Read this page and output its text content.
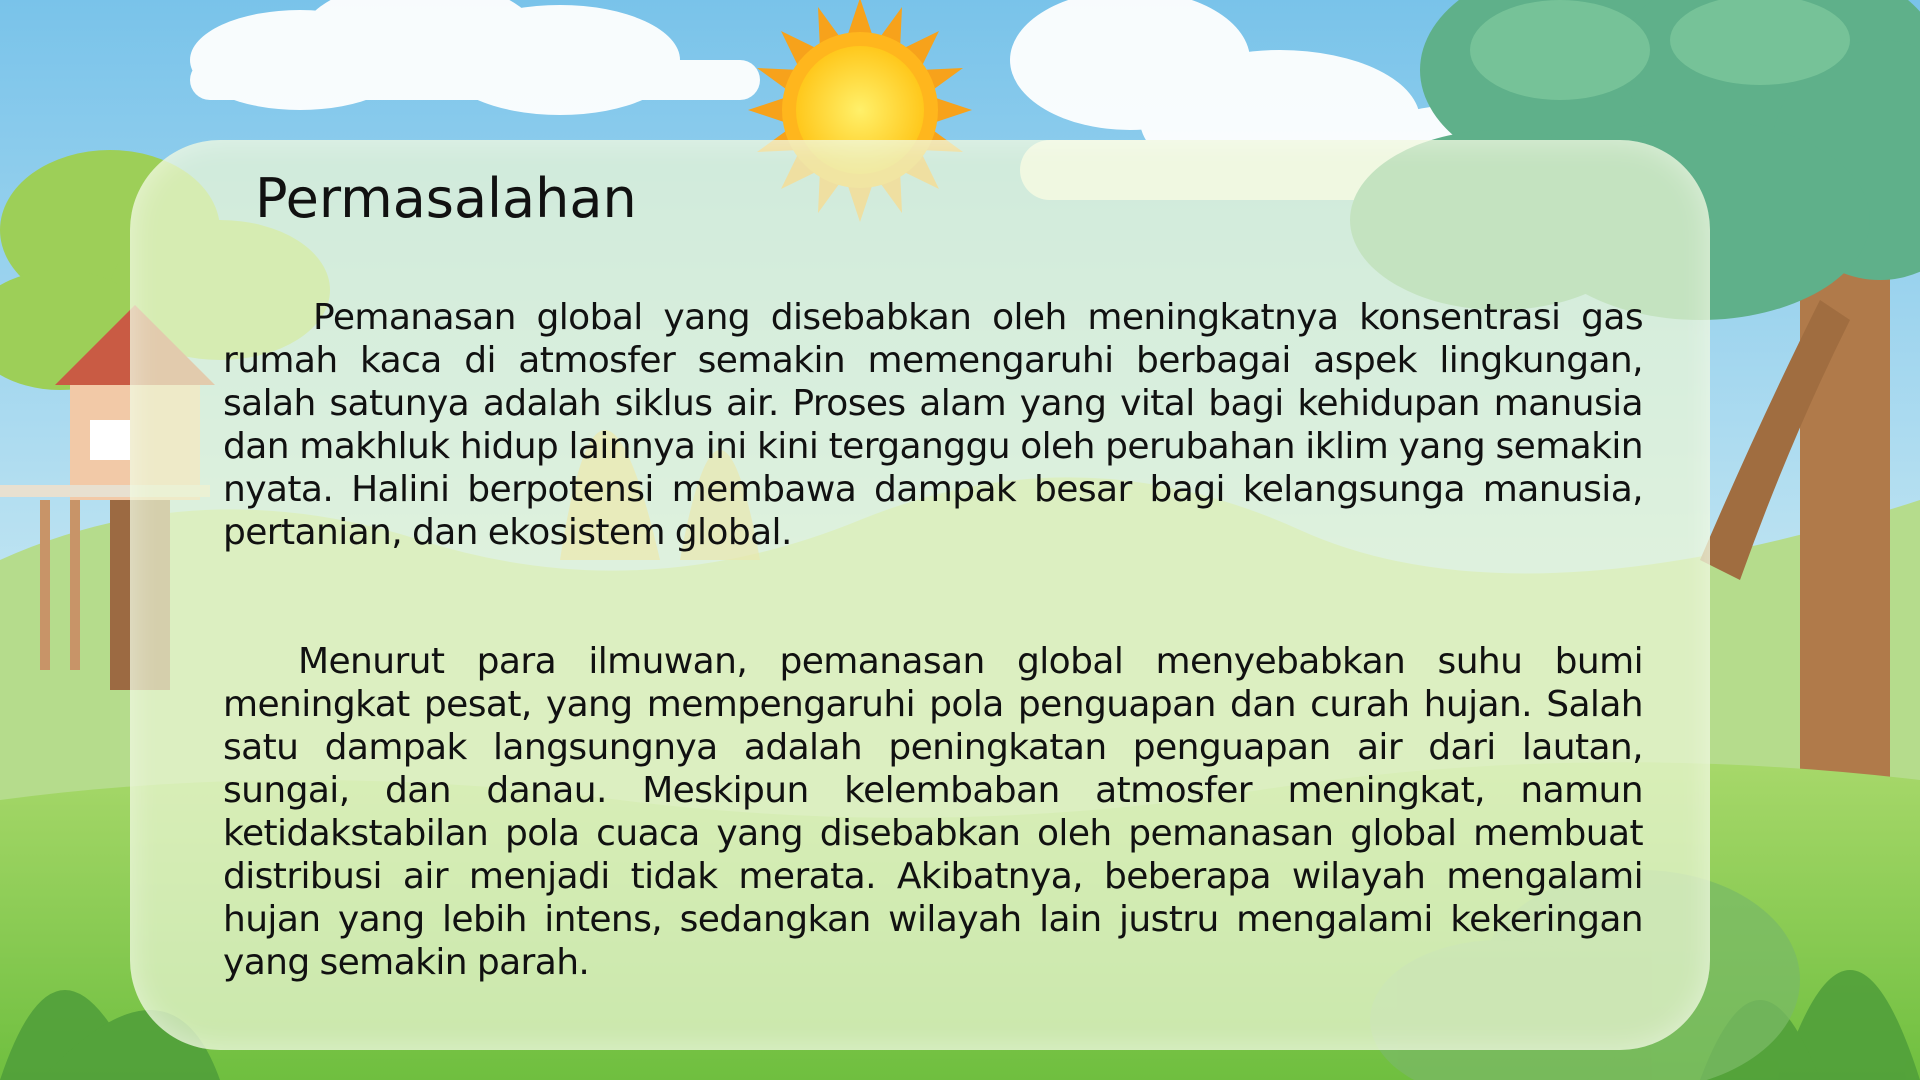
Permasalahan

Pemanasan global yang disebabkan oleh meningkatnya konsentrasi gas rumah kaca di atmosfer semakin memengaruhi berbagai aspek lingkungan, salah satunya adalah siklus air. Proses alam yang vital bagi kehidupan manusia dan makhluk hidup lainnya ini kini terganggu oleh perubahan iklim yang semakin nyata. Halini berpotensi membawa dampak besar bagi kelangsunga manusia, pertanian, dan ekosistem global.

Menurut para ilmuwan, pemanasan global menyebabkan suhu bumi meningkat pesat, yang mempengaruhi pola penguapan dan curah hujan. Salah satu dampak langsungnya adalah peningkatan penguapan air dari lautan, sungai, dan danau. Meskipun kelembaban atmosfer meningkat, namun ketidakstabilan pola cuaca yang disebabkan oleh pemanasan global membuat distribusi air menjadi tidak merata. Akibatnya, beberapa wilayah mengalami hujan yang lebih intens, sedangkan wilayah lain justru mengalami kekeringan yang semakin parah.
